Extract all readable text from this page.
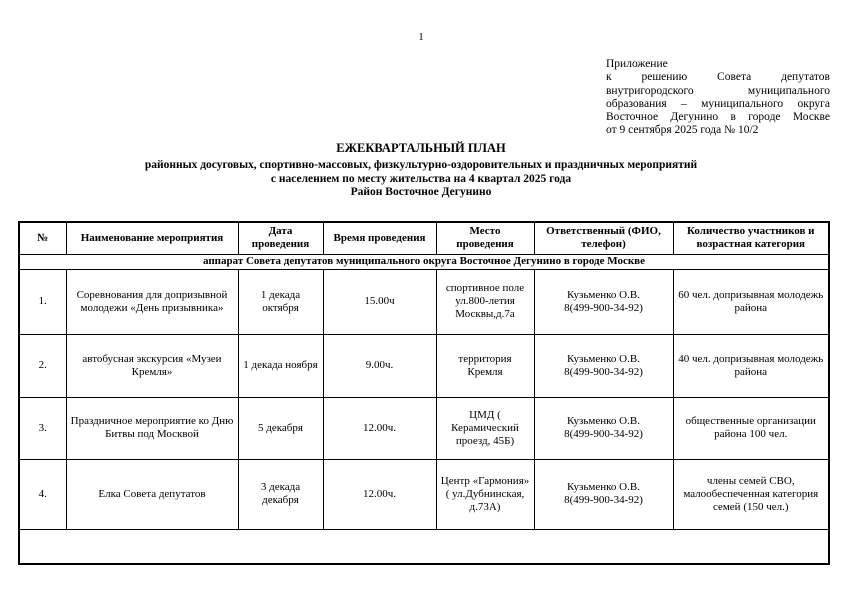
1
Приложение
к решению Совета депутатов
внутригородского муниципального
образования – муниципального округа
Восточное Дегунино в городе Москве
от 9 сентября 2025 года № 10/2
ЕЖЕКВАРТАЛЬНЫЙ ПЛАН
районных досуговых, спортивно-массовых, физкультурно-оздоровительных и праздничных мероприятий
с населением по месту жительства на 4 квартал 2025 года
Район Восточное Дегунино
№	Наименование мероприятия	Дата проведения	Время проведения	Место проведения	Ответственный (ФИО, телефон)	Количество участников и возрастная категория
аппарат Совета депутатов муниципального округа Восточное Дегунино в городе Москве						
1.	Соревнования для допризывной молодежи «День призывника»	1 декада октября	15.00ч	спортивное поле ул.800-летия Москвы,д.7а	Кузьменко О.В.
8(499-900-34-92)	60 чел. допризывная молодежь района
2.	автобусная экскурсия «Музеи Кремля»	1 декада ноября	9.00ч.	территория Кремля	Кузьменко О.В.
8(499-900-34-92)	40 чел. допризывная молодежь района
3.	Праздничное мероприятие ко Дню Битвы под Москвой	5 декабря	12.00ч.	ЦМД ( Керамический проезд, 45Б)	Кузьменко О.В.
8(499-900-34-92)	общественные организации района 100 чел.
4.	Елка Совета депутатов	3 декада декабря	12.00ч.	Центр «Гармония» ( ул.Дубнинская, д.73А)	Кузьменко О.В.
8(499-900-34-92)	члены семей СВО, малообеспеченная категория семей (150 чел.)
